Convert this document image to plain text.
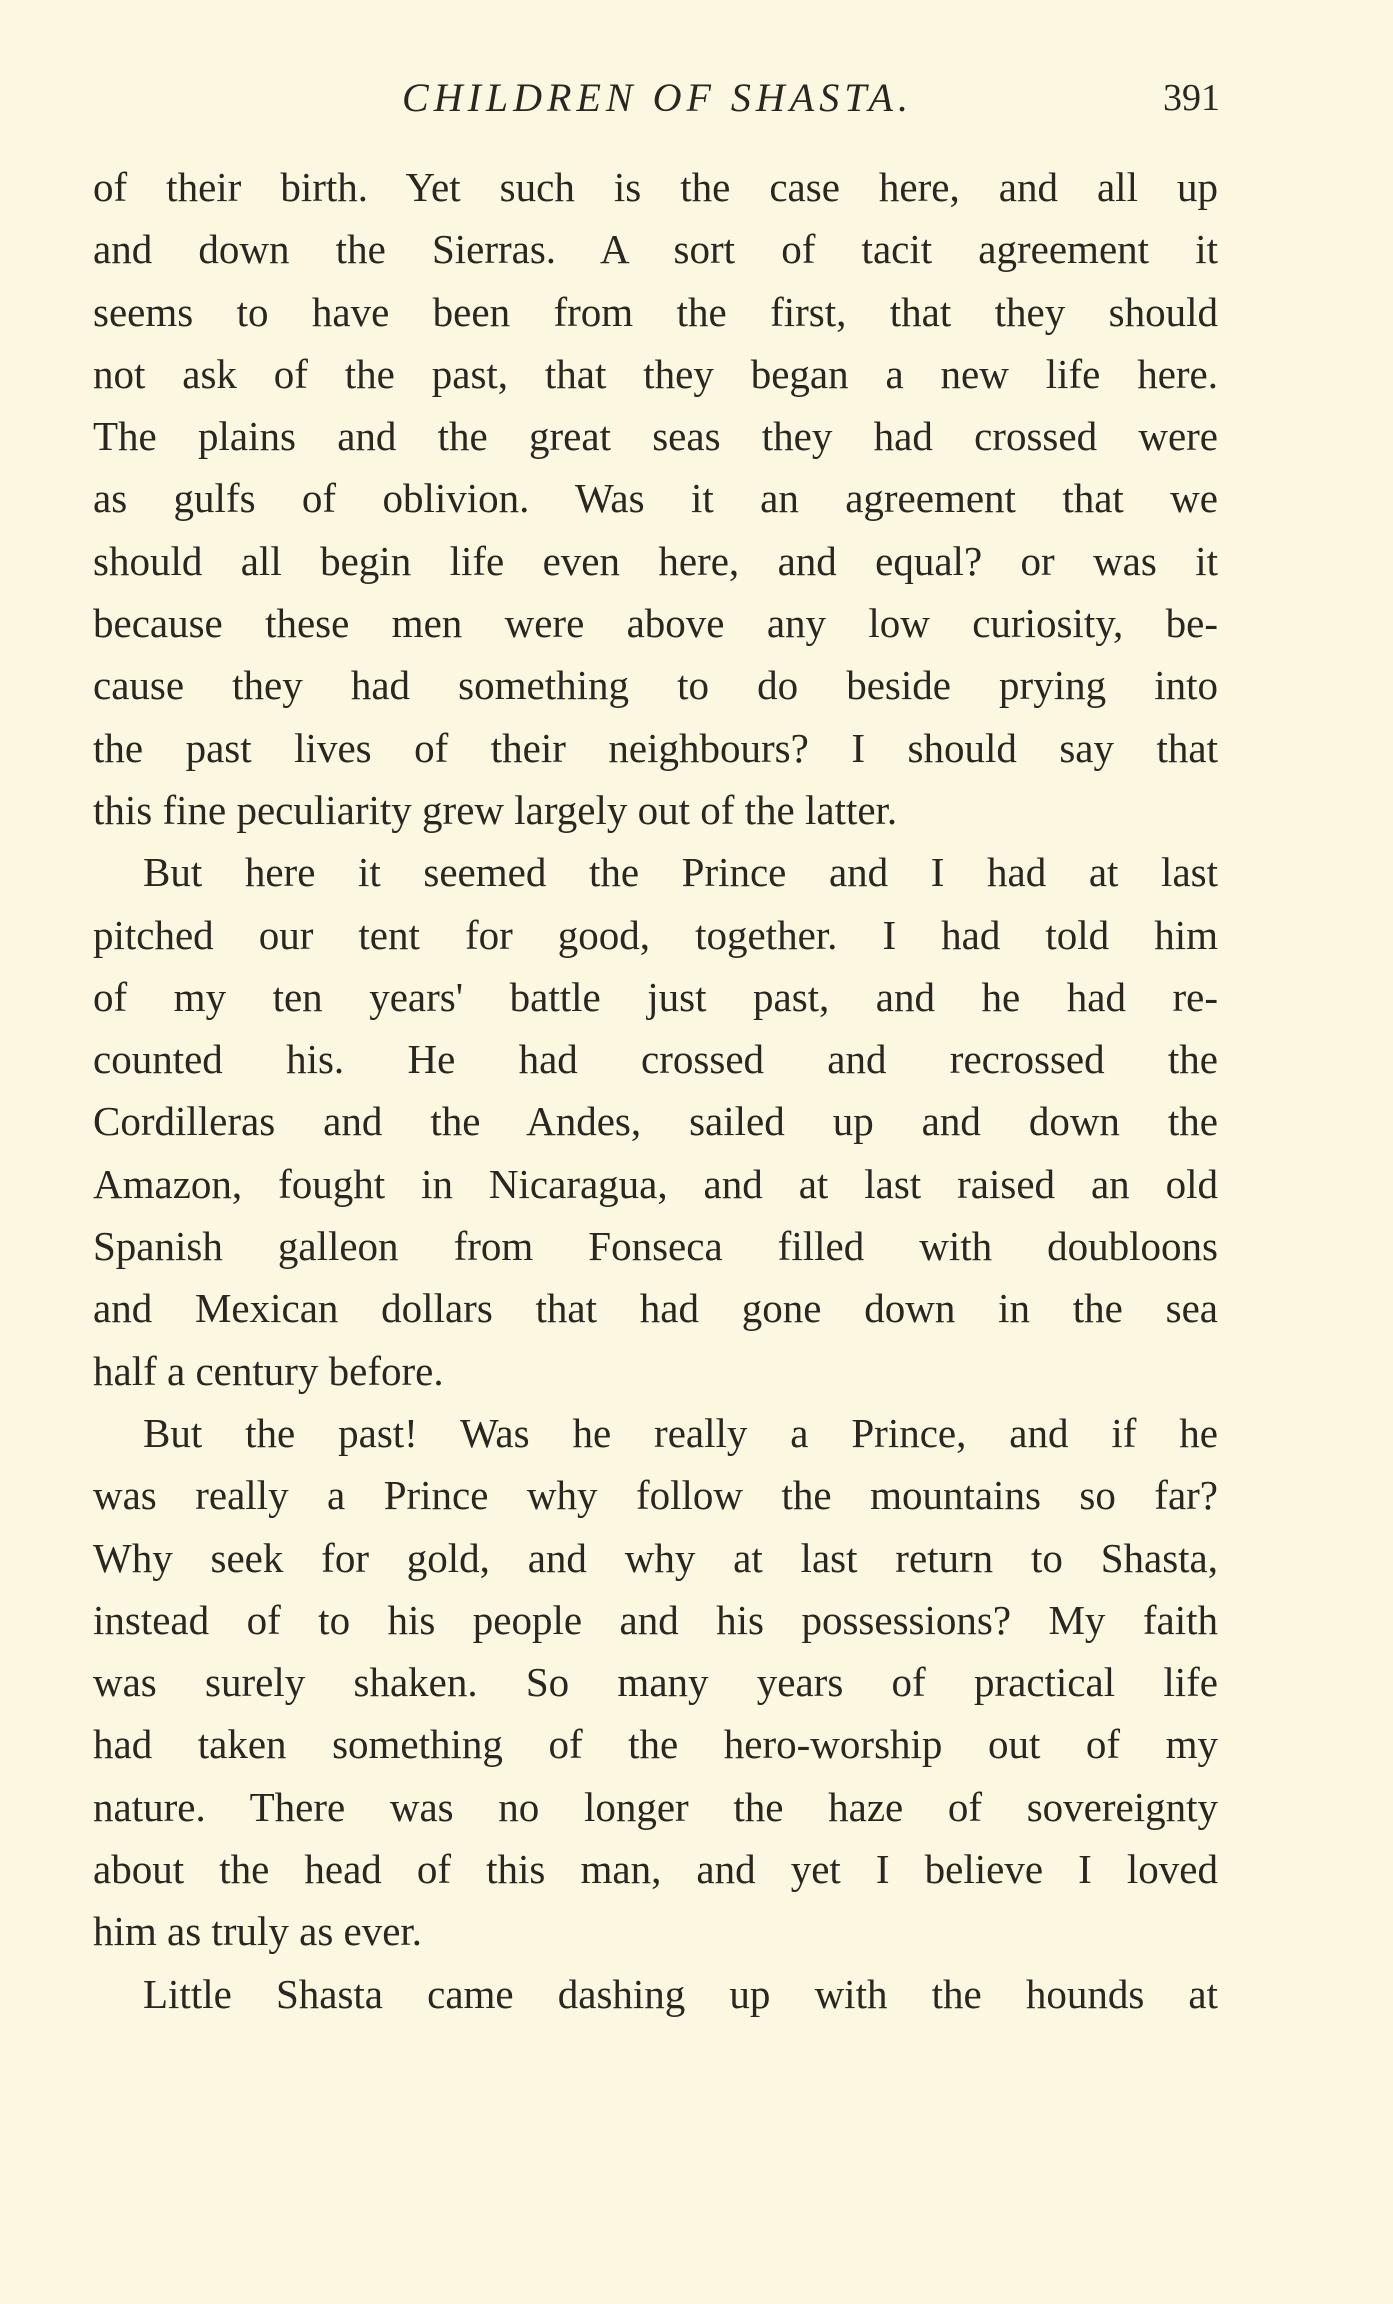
CHILDREN OF SHASTA.	391
of their birth. Yet such is the case here, and all up
and down the Sierras. A sort of tacit agreement it
seems to have been from the first, that they should
not ask of the past, that they began a new life here.
The plains and the great seas they had crossed were
as gulfs of oblivion. Was it an agreement that we
should all begin life even here, and equal? or was it
because these men were above any low curiosity, be-
cause they had something to do beside prying into
the past lives of their neighbours? I should say that
this fine peculiarity grew largely out of the latter.
But here it seemed the Prince and I had at last
pitched our tent for good, together. I had told him
of my ten years' battle just past, and he had re-
counted his. He had crossed and recrossed the
Cordilleras and the Andes, sailed up and down the
Amazon, fought in Nicaragua, and at last raised an old
Spanish galleon from Fonseca filled with doubloons
and Mexican dollars that had gone down in the sea
half a century before.
But the past! Was he really a Prince, and if he
was really a Prince why follow the mountains so far?
Why seek for gold, and why at last return to Shasta,
instead of to his people and his possessions? My faith
was surely shaken. So many years of practical life
had taken something of the hero-worship out of my
nature. There was no longer the haze of sovereignty
about the head of this man, and yet I believe I loved
him as truly as ever.
Little Shasta came dashing up with the hounds at
